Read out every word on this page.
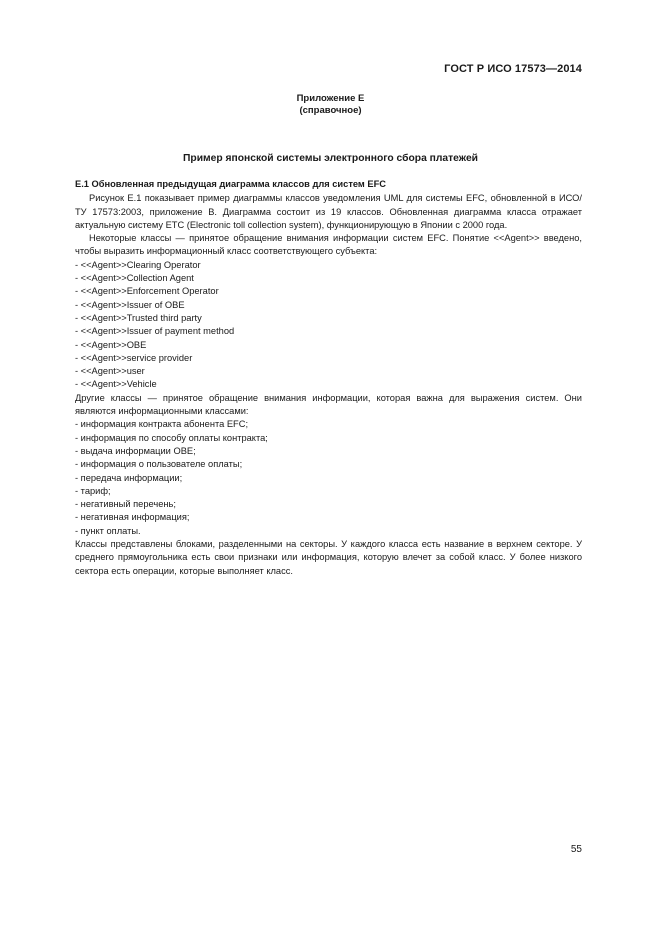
ГОСТ Р ИСО 17573—2014
Приложение Е
(справочное)
Пример японской системы электронного сбора платежей
Е.1 Обновленная предыдущая диаграмма классов для систем EFC

Рисунок Е.1 показывает пример диаграммы классов уведомления UML для системы EFC, обновленной в ИСО/ТУ 17573:2003, приложение В. Диаграмма состоит из 19 классов. Обновленная диаграмма класса отражает актуальную систему ETC (Electronic toll collection system), функционирующую в Японии с 2000 года.

Некоторые классы — принятое обращение внимания информации систем EFC. Понятие <<Agent>> введено, чтобы выразить информационный класс соответствующего субъекта:

- <<Agent>>Clearing Operator
- <<Agent>>Collection Agent
- <<Agent>>Enforcement Operator
- <<Agent>>Issuer of OBE
- <<Agent>>Trusted third party
- <<Agent>>Issuer of payment method
- <<Agent>>OBE
- <<Agent>>service provider
- <<Agent>>user
- <<Agent>>Vehicle

Другие классы — принятое обращение внимания информации, которая важна для выражения систем. Они являются информационными классами:

- информация контракта абонента EFC;
- информация по способу оплаты контракта;
- выдача информации OBE;
- информация о пользователе оплаты;
- передача информации;
- тариф;
- негативный перечень;
- негативная информация;
- пункт оплаты.

Классы представлены блоками, разделенными на секторы. У каждого класса есть название в верхнем секторе. У среднего прямоугольника есть свои признаки или информация, которую влечет за собой класс. У более низкого сектора есть операции, которые выполняет класс.

55
